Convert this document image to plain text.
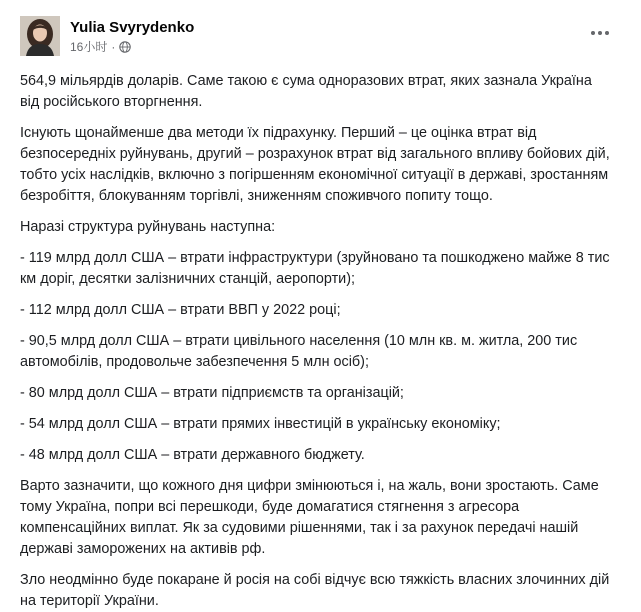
Yulia Svyrydenko
16小时 ·

564,9 мільярдів доларів. Саме такою є сума одноразових втрат, яких зазнала Україна від російського вторгнення.

Існують щонайменше два методи їх підрахунку. Перший – це оцінка втрат від безпосередніх руйнувань, другий – розрахунок втрат від загального впливу бойових дій, тобто усіх наслідків, включно з погіршенням економічної ситуації в державі, зростанням безробіття, блокуванням торгівлі, зниженням споживчого попиту тощо.

Наразі структура руйнувань наступна:

- 119 млрд долл США – втрати інфраструктури (зруйновано та пошкоджено майже 8 тис км доріг, десятки залізничних станцій, аеропорти);

- 112 млрд долл США – втрати ВВП у 2022 році;

- 90,5 млрд долл США – втрати цивільного населення (10 млн кв. м. житла, 200 тис автомобілів, продовольче забезпечення 5 млн осіб);

- 80 млрд долл США – втрати підприємств та організацій;

- 54 млрд долл США – втрати прямих інвестицій в українську економіку;

- 48 млрд долл США – втрати державного бюджету.

Варто зазначити, що кожного дня цифри змінюються і, на жаль, вони зростають. Саме тому Україна, попри всі перешкоди, буде домагатися стягнення з агресора компенсаційних виплат. Як за судовими рішеннями, так і за рахунок передачі нашій державі заморожених на активів рф.

Зло неодмінно буде покаране й росія на собі відчує всю тяжкість власних злочинних дій на території України.
